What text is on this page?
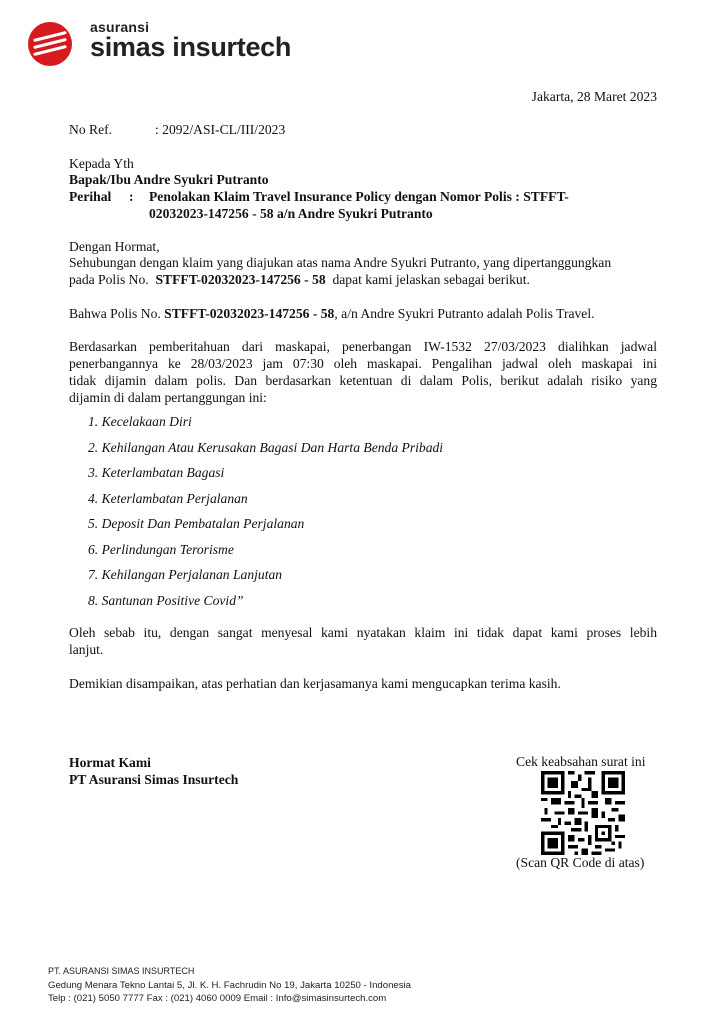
asuransi
simas insurtech
Jakarta, 28 Maret 2023
No Ref.	: 2092/ASI-CL/III/2023
Kepada Yth
Bapak/Ibu Andre Syukri Putranto
Perihal : Penolakan Klaim Travel Insurance Policy dengan Nomor Polis : STFFT-
02032023-147256 - 58 a/n Andre Syukri Putranto
Dengan Hormat,
Sehubungan dengan klaim yang diajukan atas nama Andre Syukri Putranto, yang dipertanggungkan
pada Polis No. STFFT-02032023-147256 - 58 dapat kami jelaskan sebagai berikut.
Bahwa Polis No. STFFT-02032023-147256 - 58, a/n Andre Syukri Putranto adalah Polis Travel.
Berdasarkan pemberitahuan dari maskapai, penerbangan IW-1532 27/03/2023 dialihkan jadwal
penerbangannya ke 28/03/2023 jam 07:30 oleh maskapai. Pengalihan jadwal oleh maskapai ini
tidak dijamin dalam polis. Dan berdasarkan ketentuan di dalam Polis, berikut adalah risiko yang
dijamin di dalam pertanggungan ini:
1. Kecelakaan Diri
2. Kehilangan Atau Kerusakan Bagasi Dan Harta Benda Pribadi
3. Keterlambatan Bagasi
4. Keterlambatan Perjalanan
5. Deposit Dan Pembatalan Perjalanan
6. Perlindungan Terorisme
7. Kehilangan Perjalanan Lanjutan
8. Santunan Positive Covid”
Oleh sebab itu, dengan sangat menyesal kami nyatakan klaim ini tidak dapat kami proses lebih
lanjut.
Demikian disampaikan, atas perhatian dan kerjasamanya kami mengucapkan terima kasih.
Hormat Kami
PT Asuransi Simas Insurtech
Cek keabsahan surat ini
(Scan QR Code di atas)
PT. ASURANSI SIMAS INSURTECH
Gedung Menara Tekno Lantai 5, Jl. K. H. Fachrudin No 19, Jakarta 10250 - Indonesia
Telp : (021) 5050 7777 Fax : (021) 4060 0009 Email : Info@simasinsurtech.com
